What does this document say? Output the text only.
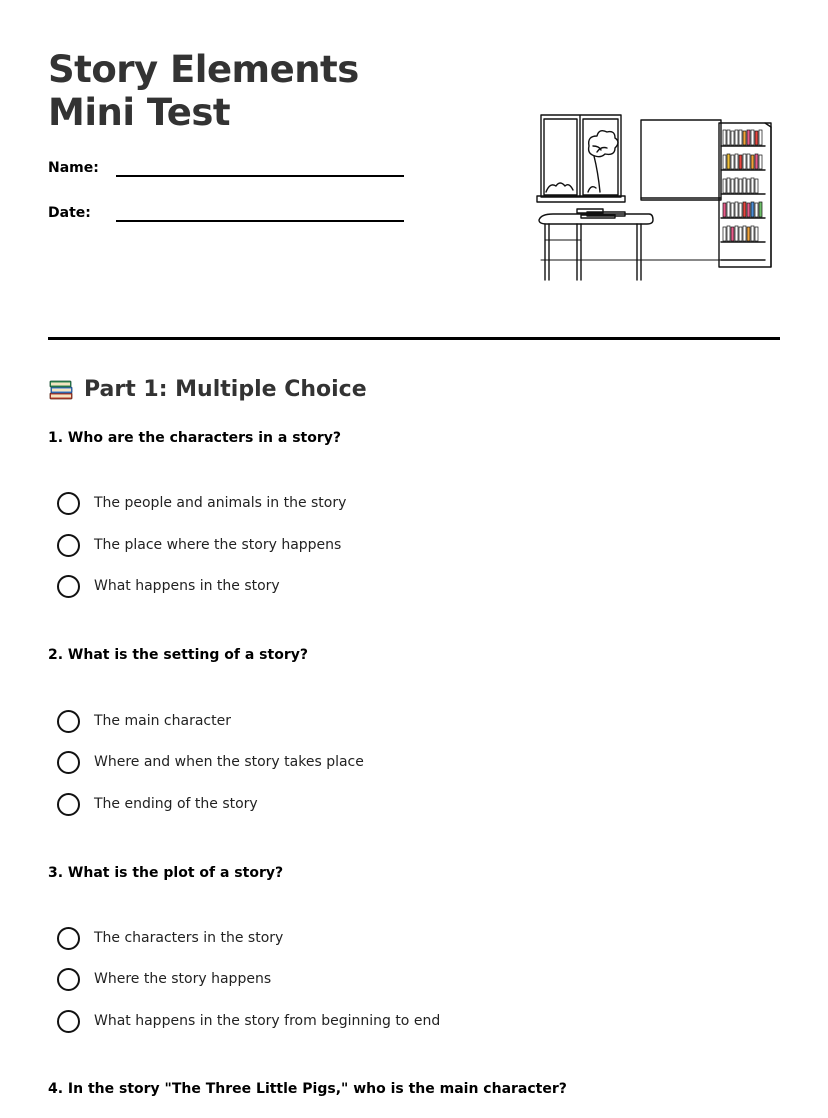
Story Elements Mini Test
Name:
Date:
Part 1: Multiple Choice
1. Who are the characters in a story?
The people and animals in the story
The place where the story happens
What happens in the story
2. What is the setting of a story?
The main character
Where and when the story takes place
The ending of the story
3. What is the plot of a story?
The characters in the story
Where the story happens
What happens in the story from beginning to end
4. In the story "The Three Little Pigs," who is the main character?
